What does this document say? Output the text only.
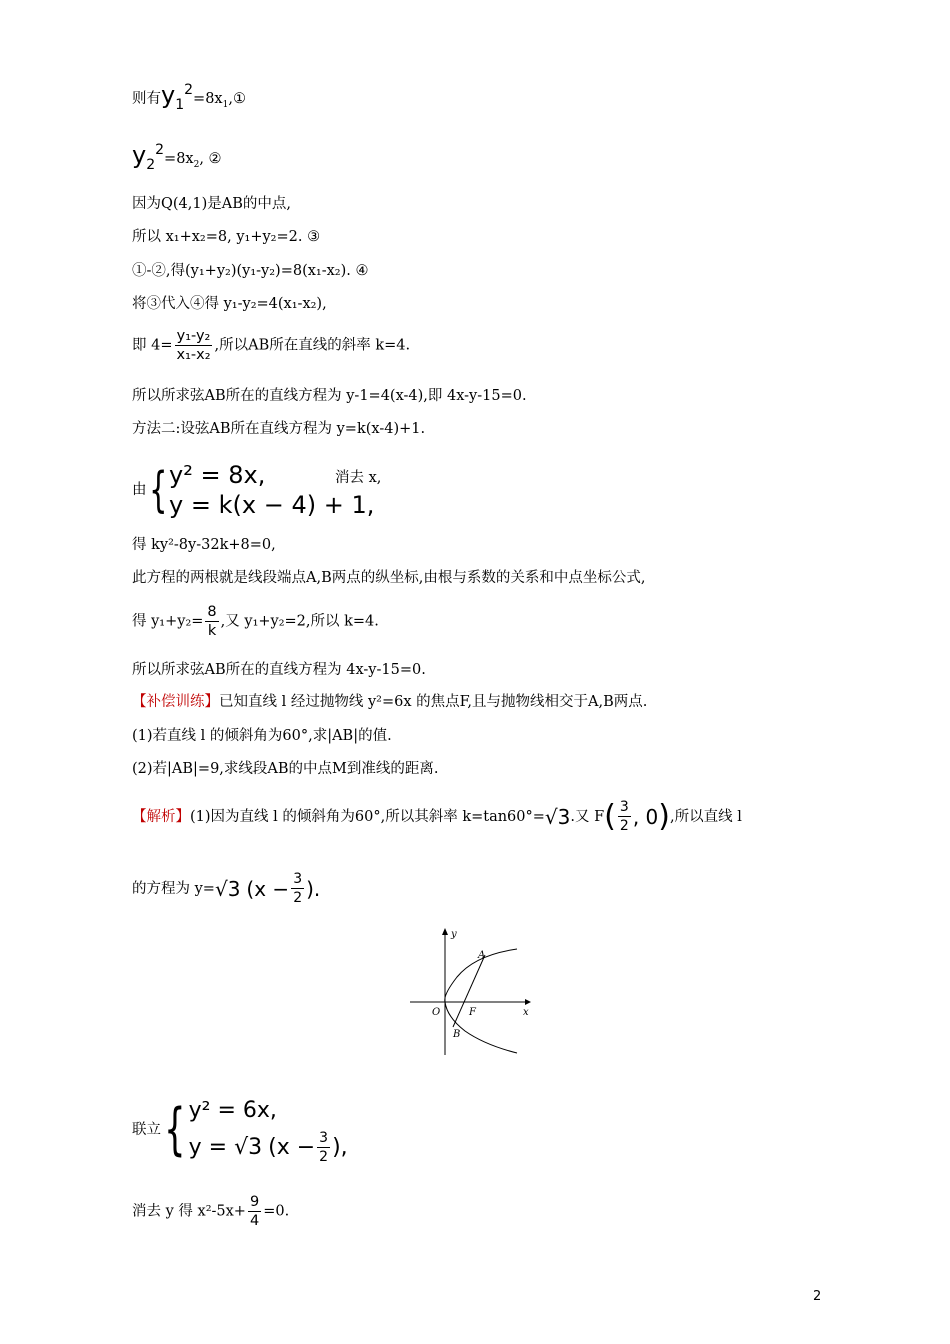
则有$y_1^2=8x_1,①$
$y_2^2=8x_2$, ②
因为Q(4,1)是AB的中点,
所以 x₁+x₂=8, y₁+y₂=2. ③
①-②,得(y₁+y₂)(y₁-y₂)=8(x₁-x₂). ④
将③代入④得 y₁-y₂=4(x₁-x₂),
即 $4= \frac{\text{y₁-y₂}}{\text{x₁-x₂}}$ ,所以AB所在直线的斜率 k=4.
所以所求弦AB所在的直线方程为 y-1=4(x-4),即 4x-y-15=0.
方法二:设弦AB所在直线方程为 y=k(x-4)+1.
由 { y² = 8x,
y = k(x − 4) + 1,
消去 x,
得 ky²-8y-32k+8=0,
此方程的两根就是线段端点A,B两点的纵坐标,由根与系数的关系和中点坐标公式,
得 $y_1+y_2= \frac{8}{k}$ ,又 y₁+y₂=2,所以 k=4.
所以所求弦AB所在的直线方程为 4x-y-15=0.
【补偿训练】已知直线 l 经过抛物线 y²=6x 的焦点F,且与抛物线相交于A,B两点.
(1)若直线 l 的倾斜角为60°,求|AB|的值.
(2)若|AB|=9,求线段AB的中点M到准线的距离.
【解析】 (1)因为直线 l 的倾斜角为60°,所以其斜率 k=tan60°= √3 .又 F ( $\frac{3}{2}$ , 0 ) ,所以直线 l
的方程为 y= √3 ($x - \frac{3}{2}$ ).
y
x
O
A
B
F
联立 { y² = 6x,
y = √3 ($x - \frac{3}{2}$ ),
消去 y 得 $x^2-5x+ \frac{9}{4} =0$.
2
